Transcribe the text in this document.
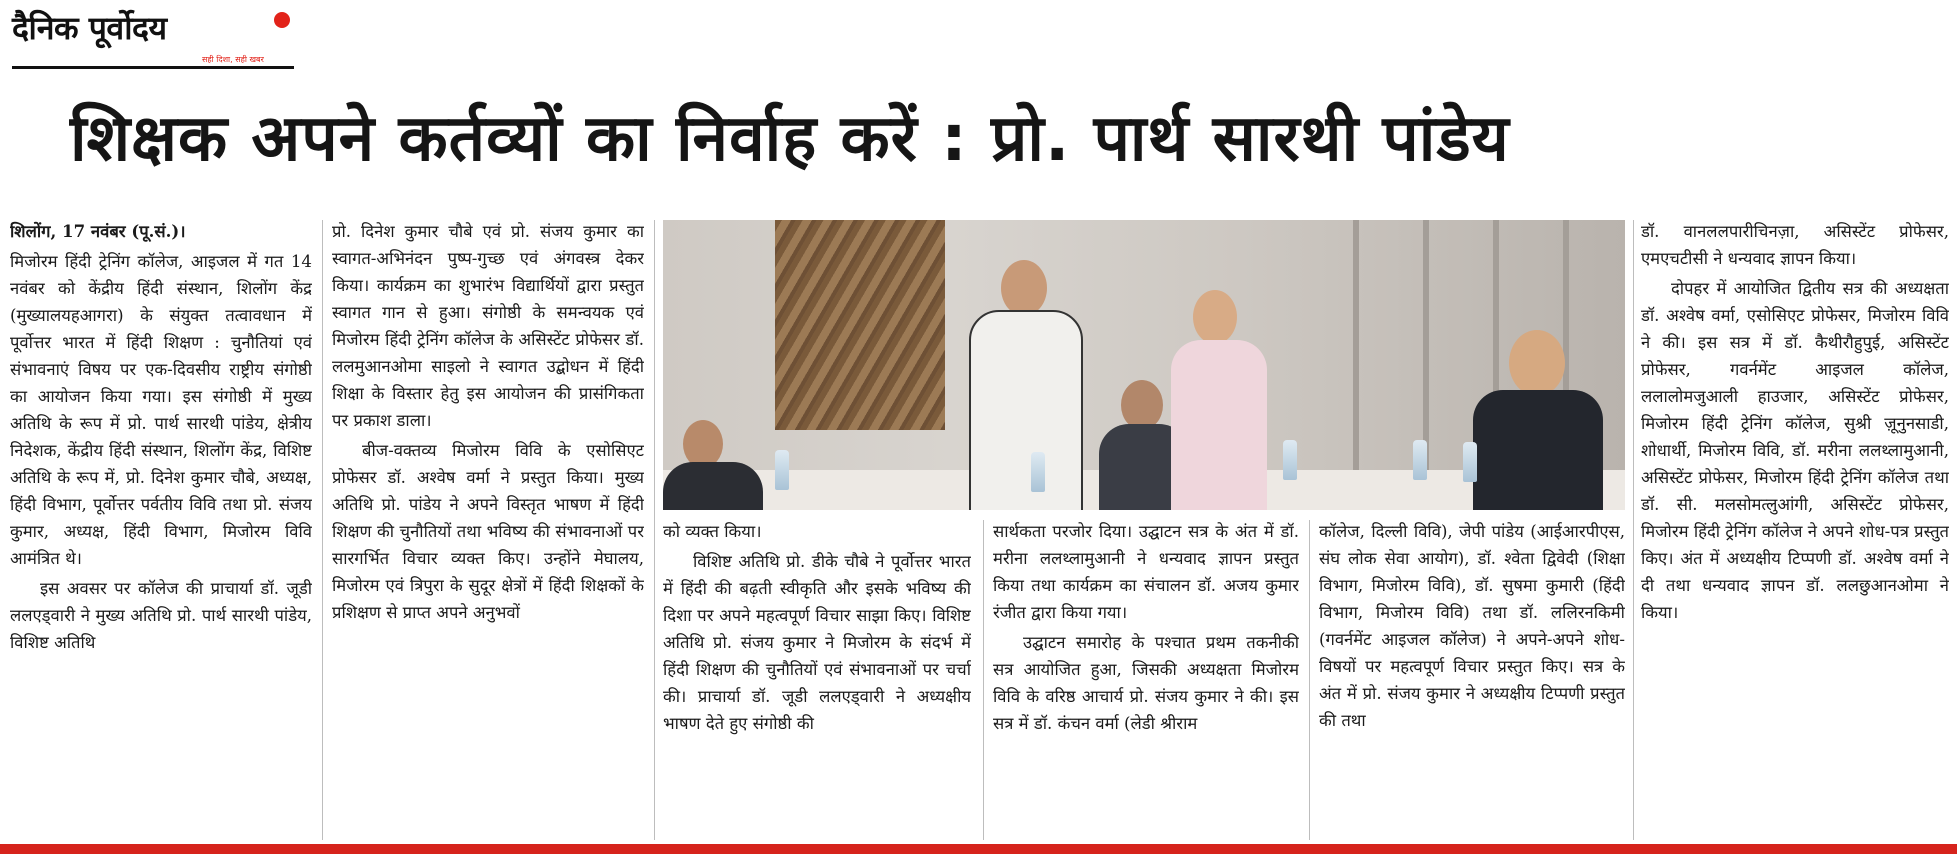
दैनिक पूर्वोदय
सही दिशा, सही खबर
शिक्षक अपने कर्तव्यों का निर्वाह करें : प्रो. पार्थ सारथी पांडेय

शिलोंग, 17 नवंबर (पू.सं.)।

मिजोरम हिंदी ट्रेनिंग कॉलेज, आइजल में गत 14 नवंबर को केंद्रीय हिंदी संस्थान, शिलोंग केंद्र (मुख्यालयहआगरा) के संयुक्त तत्वावधान में पूर्वोत्तर भारत में हिंदी शिक्षण : चुनौतियां एवं संभावनाएं विषय पर एक-दिवसीय राष्ट्रीय संगोष्ठी का आयोजन किया गया। इस संगोष्ठी में मुख्य अतिथि के रूप में प्रो. पार्थ सारथी पांडेय, क्षेत्रीय निदेशक, केंद्रीय हिंदी संस्थान, शिलोंग केंद्र, विशिष्ट अतिथि के रूप में, प्रो. दिनेश कुमार चौबे, अध्यक्ष, हिंदी विभाग, पूर्वोत्तर पर्वतीय विवि तथा प्रो. संजय कुमार, अध्यक्ष, हिंदी विभाग, मिजोरम विवि आमंत्रित थे।

इस अवसर पर कॉलेज की प्राचार्या डॉ. जूडी ललएड्वारी ने मुख्य अतिथि प्रो. पार्थ सारथी पांडेय, विशिष्ट अतिथि

प्रो. दिनेश कुमार चौबे एवं प्रो. संजय कुमार का स्वागत-अभिनंदन पुष्प-गुच्छ एवं अंगवस्त्र देकर किया। कार्यक्रम का शुभारंभ विद्यार्थियों द्वारा प्रस्तुत स्वागत गान से हुआ। संगोष्ठी के समन्वयक एवं मिजोरम हिंदी ट्रेनिंग कॉलेज के असिस्टेंट प्रोफेसर डॉ. ललमुआनओमा साइलो ने स्वागत उद्बोधन में हिंदी शिक्षा के विस्तार हेतु इस आयोजन की प्रासंगिकता पर प्रकाश डाला।

बीज-वक्तव्य मिजोरम विवि के एसोसिएट प्रोफेसर डॉ. अश्वेष वर्मा ने प्रस्तुत किया। मुख्य अतिथि प्रो. पांडेय ने अपने विस्तृत भाषण में हिंदी शिक्षण की चुनौतियों तथा भविष्य की संभावनाओं पर सारगर्भित विचार व्यक्त किए। उन्होंने मेघालय, मिजोरम एवं त्रिपुरा के सुदूर क्षेत्रों में हिंदी शिक्षकों के प्रशिक्षण से प्राप्त अपने अनुभवों

को व्यक्त किया।

विशिष्ट अतिथि प्रो. डीके चौबे ने पूर्वोत्तर भारत में हिंदी की बढ़ती स्वीकृति और इसके भविष्य की दिशा पर अपने महत्वपूर्ण विचार साझा किए। विशिष्ट अतिथि प्रो. संजय कुमार ने मिजोरम के संदर्भ में हिंदी शिक्षण की चुनौतियों एवं संभावनाओं पर चर्चा की। प्राचार्या डॉ. जूडी ललएड्वारी ने अध्यक्षीय भाषण देते हुए संगोष्ठी की

सार्थकता परजोर दिया। उद्घाटन सत्र के अंत में डॉ. मरीना ललथ्लामुआनी ने धन्यवाद ज्ञापन प्रस्तुत किया तथा कार्यक्रम का संचालन डॉ. अजय कुमार रंजीत द्वारा किया गया।

उद्घाटन समारोह के पश्चात प्रथम तकनीकी सत्र आयोजित हुआ, जिसकी अध्यक्षता मिजोरम विवि के वरिष्ठ आचार्य प्रो. संजय कुमार ने की। इस सत्र में डॉ. कंचन वर्मा (लेडी श्रीराम

कॉलेज, दिल्ली विवि), जेपी पांडेय (आईआरपीएस, संघ लोक सेवा आयोग), डॉ. श्वेता द्विवेदी (शिक्षा विभाग, मिजोरम विवि), डॉ. सुषमा कुमारी (हिंदी विभाग, मिजोरम विवि) तथा डॉ. ललिरनकिमी (गवर्नमेंट आइजल कॉलेज) ने अपने-अपने शोध-विषयों पर महत्वपूर्ण विचार प्रस्तुत किए। सत्र के अंत में प्रो. संजय कुमार ने अध्यक्षीय टिप्पणी प्रस्तुत की तथा

डॉ. वानललपारीचिनज़ा, असिस्टेंट प्रोफेसर, एमएचटीसी ने धन्यवाद ज्ञापन किया।

दोपहर में आयोजित द्वितीय सत्र की अध्यक्षता डॉ. अश्वेष वर्मा, एसोसिएट प्रोफेसर, मिजोरम विवि ने की। इस सत्र में डॉ. कैथीरौहुपुई, असिस्टेंट प्रोफेसर, गवर्नमेंट आइजल कॉलेज, ललालोमजुआली हाउजार, असिस्टेंट प्रोफेसर, मिजोरम हिंदी ट्रेनिंग कॉलेज, सुश्री ज़ूनुनसाडी, शोधार्थी, मिजोरम विवि, डॉ. मरीना ललथ्लामुआनी, असिस्टेंट प्रोफेसर, मिजोरम हिंदी ट्रेनिंग कॉलेज तथा डॉ. सी. मलसोमत्लुआंगी, असिस्टेंट प्रोफेसर, मिजोरम हिंदी ट्रेनिंग कॉलेज ने अपने शोध-पत्र प्रस्तुत किए। अंत में अध्यक्षीय टिप्पणी डॉ. अश्वेष वर्मा ने दी तथा धन्यवाद ज्ञापन डॉ. ललछुआनओमा ने किया।
